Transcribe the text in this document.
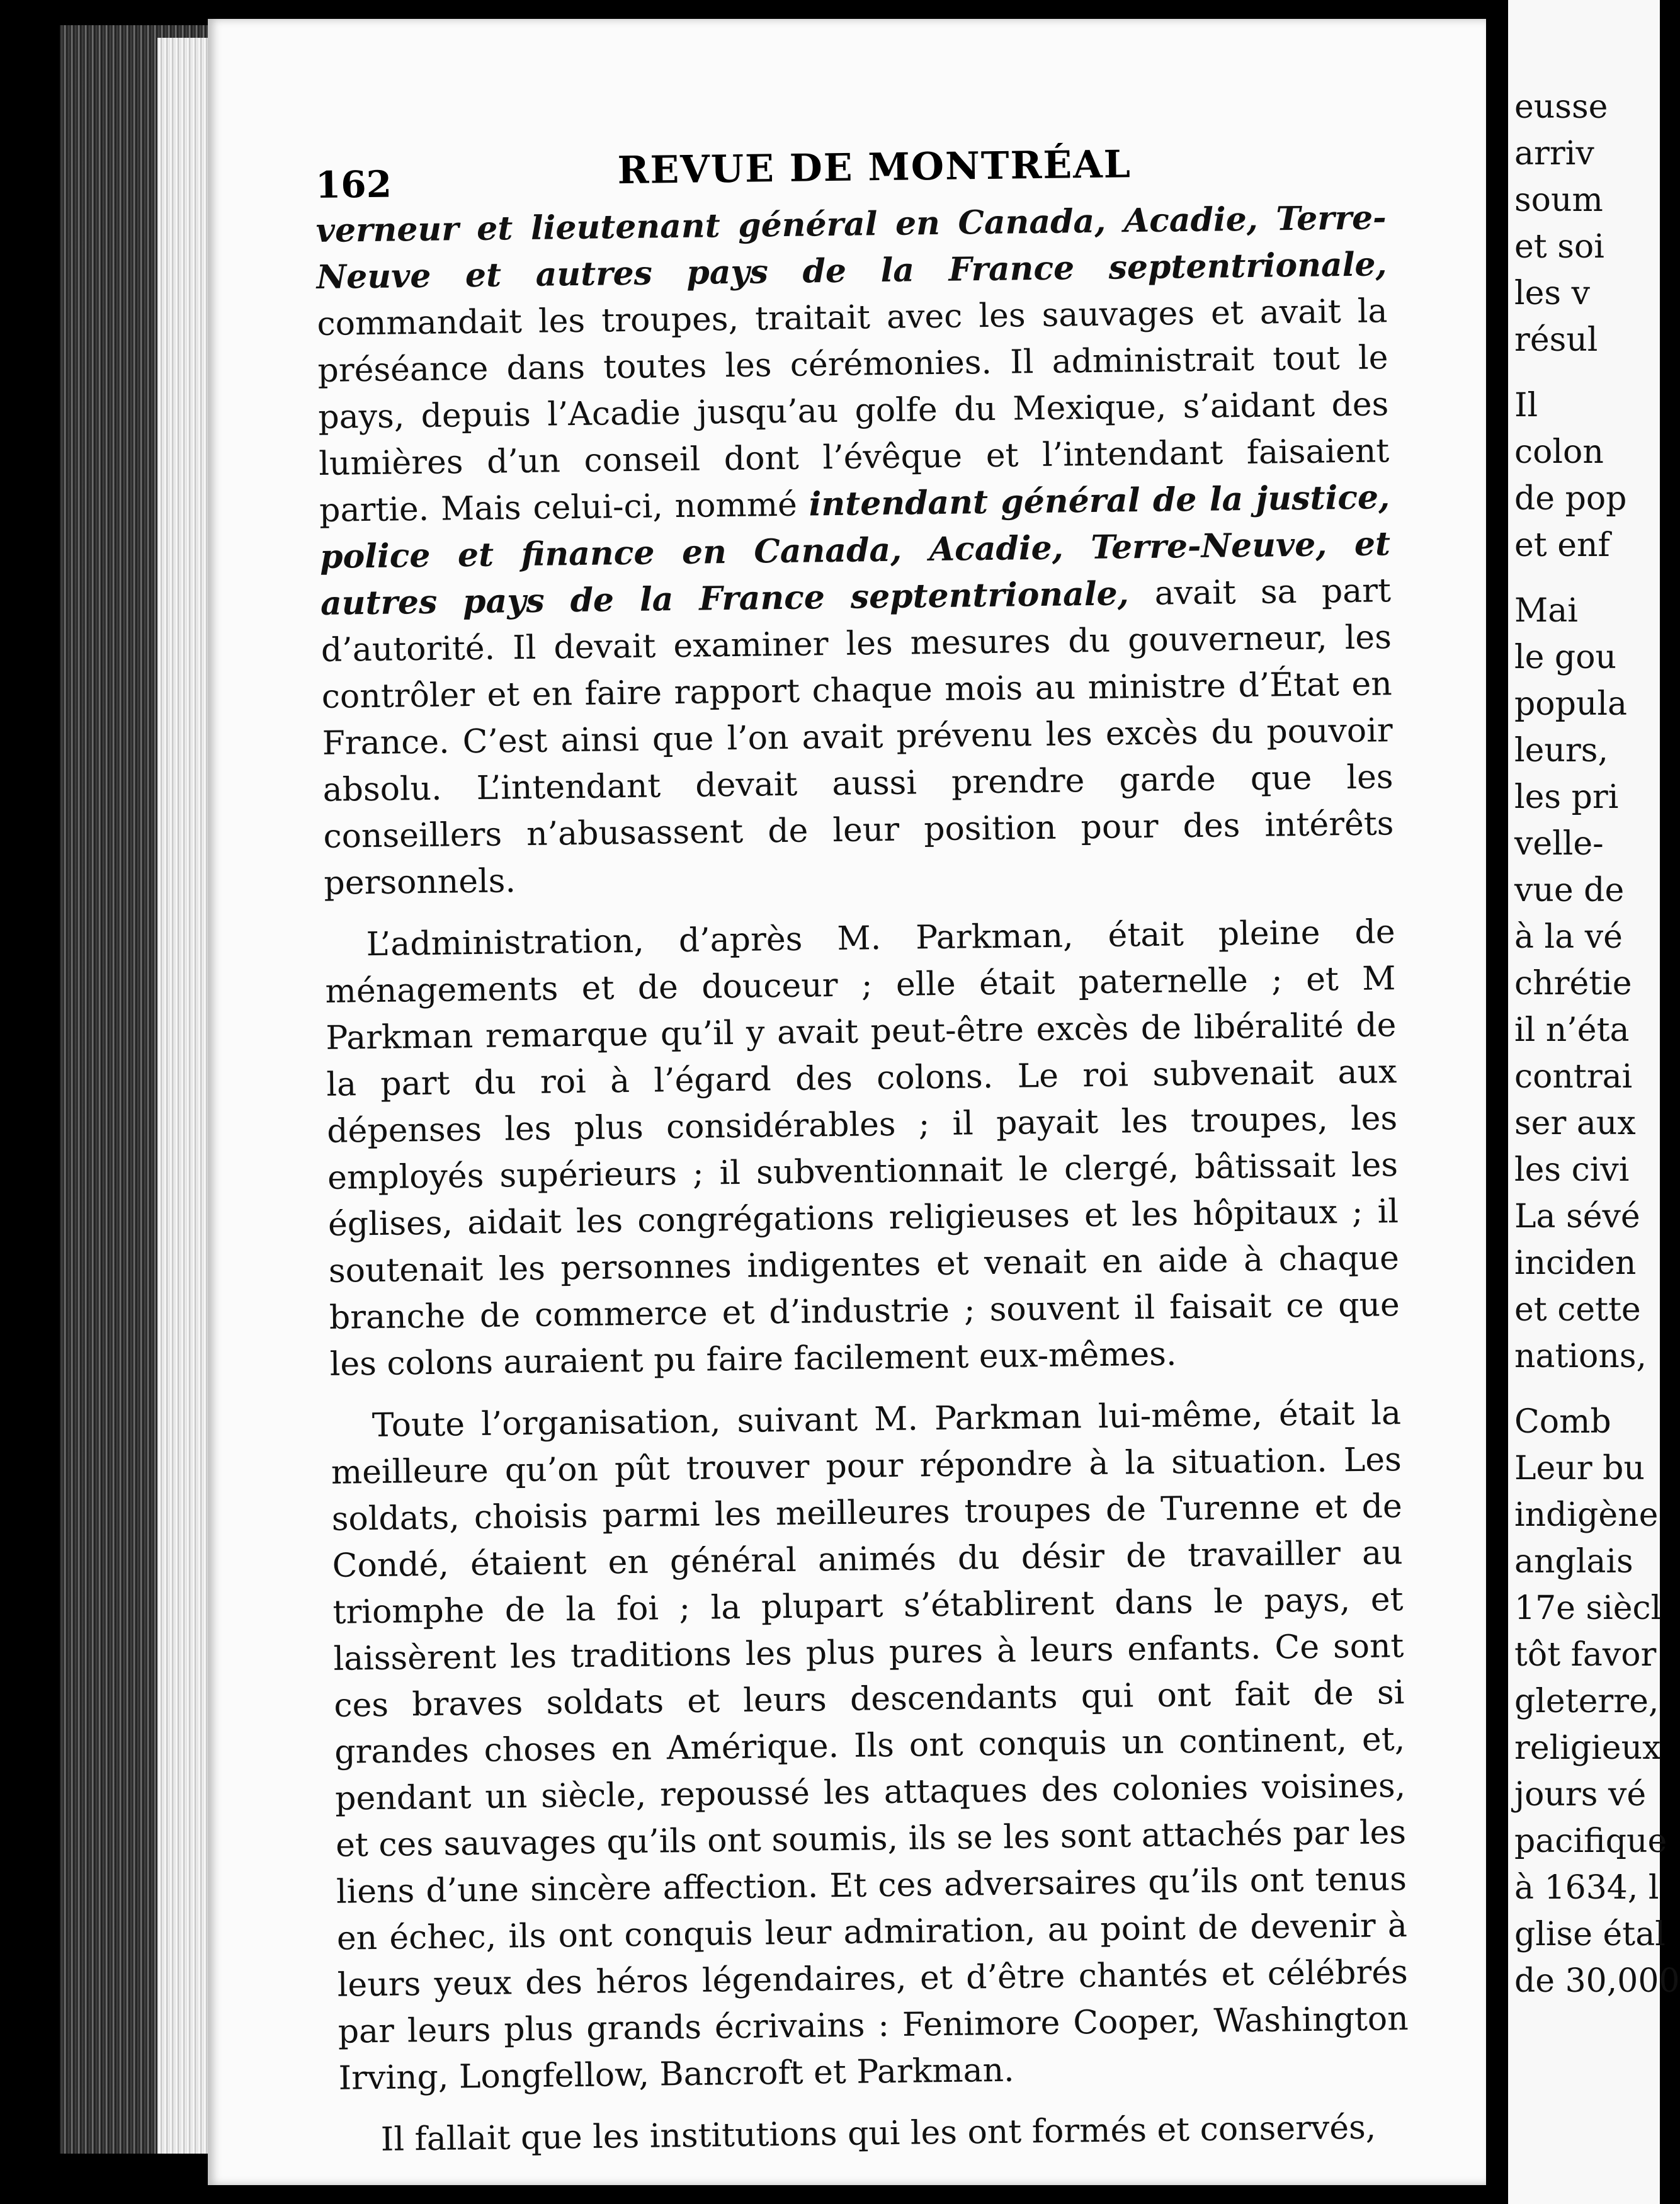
162	REVUE DE MONTRÉAL

verneur et lieutenant général en Canada, Acadie, Terre-Neuve et autres pays de la France septentrionale, commandait les troupes, traitait avec les sauvages et avait la préséance dans toutes les cérémonies. Il administrait tout le pays, depuis l’Acadie jusqu’au golfe du Mexique, s’aidant des lumières d’un conseil dont l’évêque et l’intendant faisaient partie. Mais celui-ci, nommé intendant général de la justice, police et finance en Canada, Acadie, Terre-Neuve, et autres pays de la France septentrionale, avait sa part d’autorité. Il devait examiner les mesures du gouverneur, les contrôler et en faire rapport chaque mois au ministre d’État en France. C’est ainsi que l’on avait prévenu les excès du pouvoir absolu. L’intendant devait aussi prendre garde que les conseillers n’abusassent de leur position pour des intérêts personnels.

L’administration, d’après M. Parkman, était pleine de ménagements et de douceur ; elle était paternelle ; et M Parkman remarque qu’il y avait peut-être excès de libéralité de la part du roi à l’égard des colons. Le roi subvenait aux dépenses les plus considérables ; il payait les troupes, les employés supérieurs ; il subventionnait le clergé, bâtissait les églises, aidait les congrégations religieuses et les hôpitaux ; il soutenait les personnes indigentes et venait en aide à chaque branche de commerce et d’industrie ; souvent il faisait ce que les colons auraient pu faire facilement eux-mêmes.

Toute l’organisation, suivant M. Parkman lui-même, était la meilleure qu’on pût trouver pour répondre à la situation. Les soldats, choisis parmi les meilleures troupes de Turenne et de Condé, étaient en général animés du désir de travailler au triomphe de la foi ; la plupart s’établirent dans le pays, et laissèrent les traditions les plus pures à leurs enfants. Ce sont ces braves soldats et leurs descendants qui ont fait de si grandes choses en Amérique. Ils ont conquis un continent, et, pendant un siècle, repoussé les attaques des colonies voisines, et ces sauvages qu’ils ont soumis, ils se les sont attachés par les liens d’une sincère affection. Et ces adversaires qu’ils ont tenus en échec, ils ont conquis leur admiration, au point de devenir à leurs yeux des héros légendaires, et d’être chantés et célébrés par leurs plus grands écrivains : Fenimore Cooper, Washington Irving, Longfellow, Bancroft et Parkman.

Il fallait que les institutions qui les ont formés et conservés,

eusse
arriv
soum
et soi
les v
résul
Il
colon
de pop
et enf
Mai
le gou
popula
leurs,
les pri
velle-
vue de
à la vé
chrétie
il n’éta
contrai
ser aux
les civi
La sévé
inciden
et cette
nations,
Comb
Leur bu
indigène
anglais
17e siècl
tôt favor
gleterre,
religieux
jours vé
pacifique
à 1634, l
glise étal
de 30,000
